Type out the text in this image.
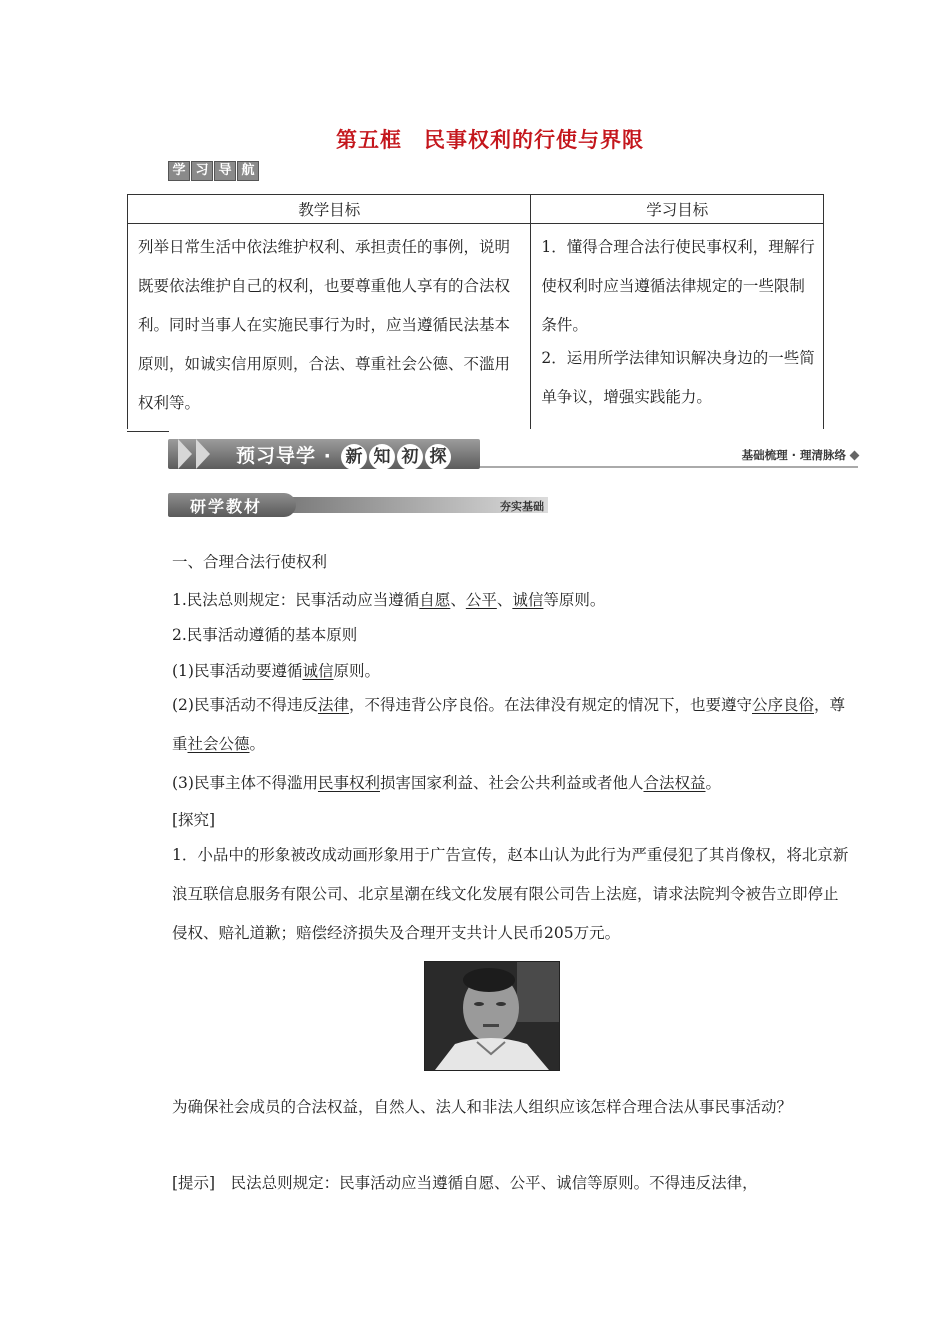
第五框　民事权利的行使与界限
学 习 导 航
教学目标	学习目标
列举日常生活中依法维护权利、承担责任的事例，说明既要依法维护自己的权利，也要尊重他人享有的合法权利。同时当事人在实施民事行为时，应当遵循民法基本原则，如诚实信用原则，合法、尊重社会公德、不滥用权利等。	1．懂得合理合法行使民事权利，理解行使权利时应当遵循法律规定的一些限制条件。
2．运用所学法律知识解决身边的一些简单争议，增强实践能力。
预习导学 · 新 知 初 探	基础梳理 · 理清脉络
研学教材	夯实基础
一、合理合法行使权利
1.民法总则规定：民事活动应当遵循自愿、公平、诚信等原则。
2.民事活动遵循的基本原则
(1)民事活动要遵循诚信原则。
(2)民事活动不得违反法律，不得违背公序良俗。在法律没有规定的情况下，也要遵守公序良俗，尊重社会公德。
(3)民事主体不得滥用民事权利损害国家利益、社会公共利益或者他人合法权益。
[探究]
1．小品中的形象被改成动画形象用于广告宣传，赵本山认为此行为严重侵犯了其肖像权，将北京新浪互联信息服务有限公司、北京星潮在线文化发展有限公司告上法庭，请求法院判令被告立即停止侵权、赔礼道歉；赔偿经济损失及合理开支共计人民币205万元。
为确保社会成员的合法权益，自然人、法人和非法人组织应该怎样合理合法从事民事活动？
[提示]　民法总则规定：民事活动应当遵循自愿、公平、诚信等原则。不得违反法律，
